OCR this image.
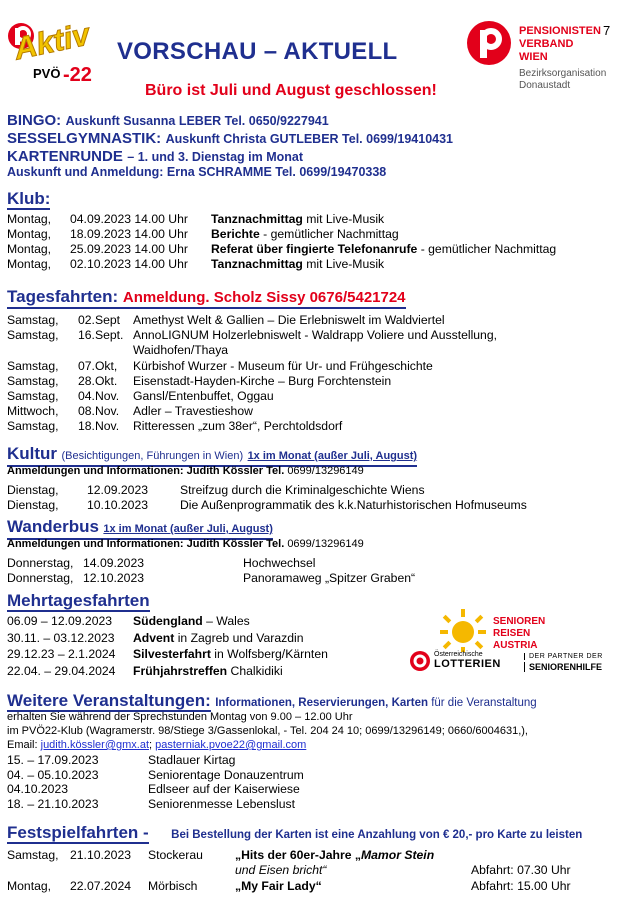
Aktiv
PVÖ -22
VORSCHAU – AKTUELL
Büro ist Juli und August geschlossen!
PENSIONISTEN
VERBAND
WIEN
Bezirksorganisation
Donaustadt
7
BINGO: Auskunft Susanna LEBER Tel. 0650/9227941
SESSELGYMNASTIK: Auskunft Christa GUTLEBER Tel. 0699/19410431
KARTENRUNDE – 1. und 3. Dienstag im Monat
Auskunft und Anmeldung: Erna SCHRAMME Tel. 0699/19470338
Klub:
Montag, 04.09.2023 14.00 Uhr Tanznachmittag mit Live-Musik
Montag, 18.09.2023 14.00 Uhr Berichte - gemütlicher Nachmittag
Montag, 25.09.2023 14.00 Uhr Referat über fingierte Telefonanrufe - gemütlicher Nachmittag
Montag, 02.10.2023 14.00 Uhr Tanznachmittag mit Live-Musik
Tagesfahrten: Anmeldung. Scholz Sissy 0676/5421724
Samstag, 02.Sept Amethyst Welt & Gallien – Die Erlebniswelt im Waldviertel
Samstag, 16.Sept. AnnoLIGNUM Holzerlebniswelt - Waldrapp Voliere und Ausstellung,
Waidhofen/Thaya
Samstag, 07.Okt, Kürbishof Wurzer - Museum für Ur- und Frühgeschichte
Samstag, 28.Okt. Eisenstadt-Hayden-Kirche – Burg Forchtenstein
Samstag, 04.Nov. Gansl/Entenbuffet, Oggau
Mittwoch, 08.Nov. Adler – Travestieshow
Samstag, 18.Nov. Ritteressen „zum 38er“, Perchtoldsdorf
Kultur (Besichtigungen, Führungen in Wien) 1x im Monat (außer Juli, August)
Anmeldungen und Informationen: Judith Kössler Tel. 0699/13296149
Dienstag, 12.09.2023	Streifzug durch die Kriminalgeschichte Wiens
Dienstag, 10.10.2023	Die Außenprogrammatik des k.k.Naturhistorischen Hofmuseums
Wanderbus 1x im Monat (außer Juli, August)
Anmeldungen und Informationen: Judith Kössler Tel. 0699/13296149
Donnerstag, 14.09.2023	Hochwechsel
Donnerstag, 12.10.2023	Panoramaweg „Spitzer Graben“
Mehrtagesfahrten
06.09 – 12.09.2023 Südengland – Wales
30.11. – 03.12.2023 Advent in Zagreb und Varazdin
29.12.23 – 2.1.2024 Silvesterfahrt in Wolfsberg/Kärnten
22.04. – 29.04.2024 Frühjahrstreffen Chalkidiki
SENIOREN
REISEN
AUSTRIA
Österreichische
LOTTERIEN
DER PARTNER DER
SENIORENHILFE
Weitere Veranstaltungen: Informationen, Reservierungen, Karten für die Veranstaltung
erhalten Sie während der Sprechstunden Montag von 9.00 – 12.00 Uhr
im PVÖ22-Klub (Wagramerstr. 98/Stiege 3/Gassenlokal, - Tel. 204 24 10; 0699/13296149; 0660/6004631,),
Email: judith.kössler@gmx.at; pasterniak.pvoe22@gmail.com
15. – 17.09.2023	Stadlauer Kirtag
04. – 05.10.2023	Seniorentage Donauzentrum
04.10.2023	Edlseer auf der Kaiserwiese
18. – 21.10.2023	Seniorenmesse Lebenslust
Festspielfahrten - Bei Bestellung der Karten ist eine Anzahlung von € 20,- pro Karte zu leisten
Samstag, 21.10.2023 Stockerau	„Hits der 60er-Jahre „Mamor Stein
und Eisen bricht“	Abfahrt: 07.30 Uhr
Montag, 22.07.2024 Mörbisch	„My Fair Lady“	Abfahrt: 15.00 Uhr
